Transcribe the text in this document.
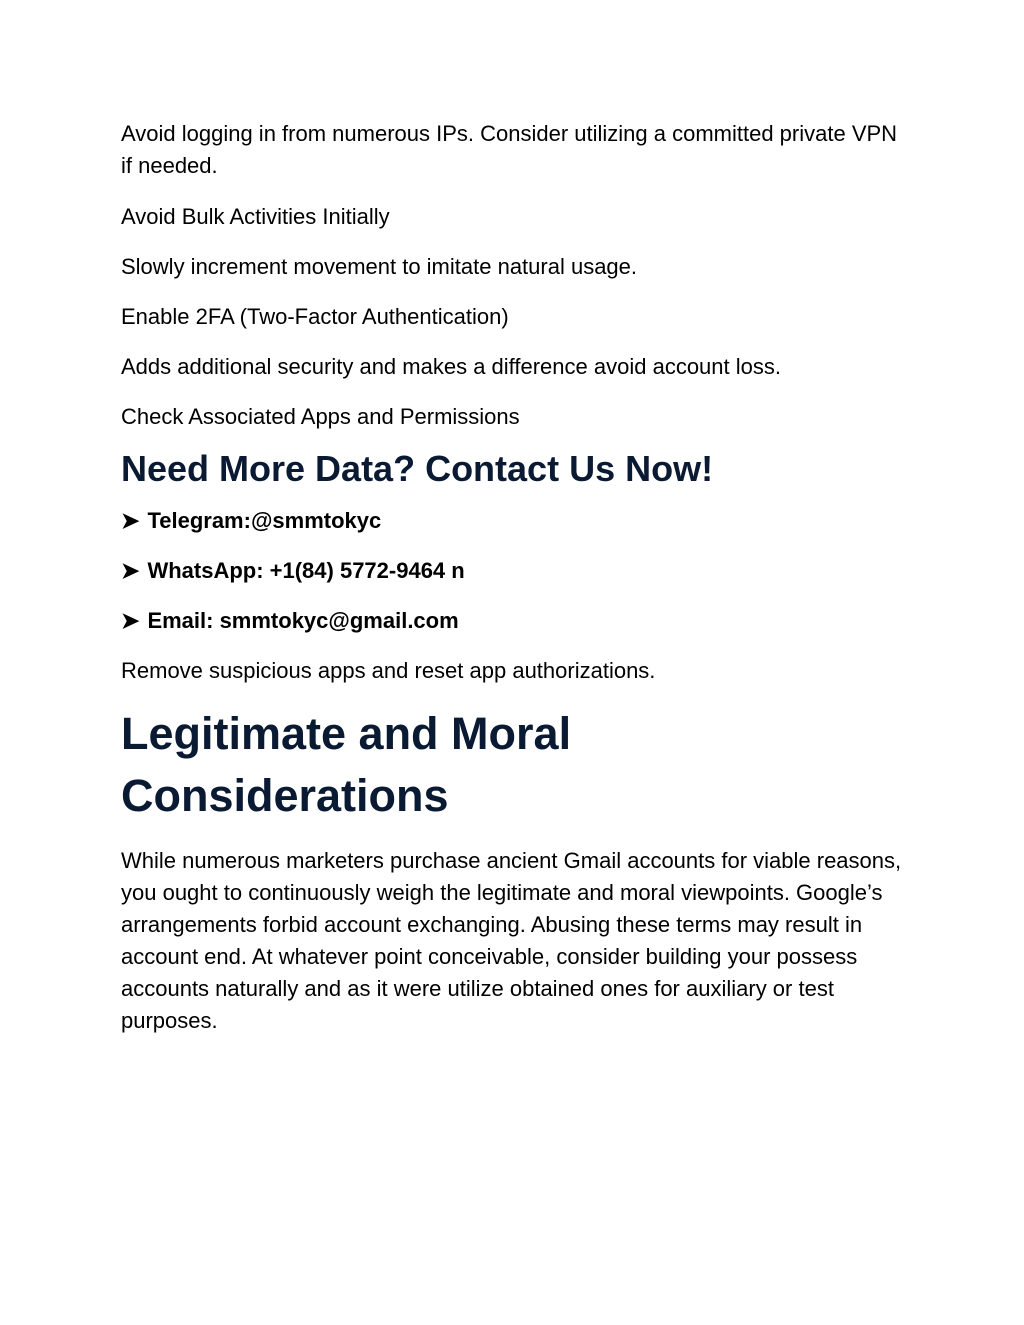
Avoid logging in from numerous IPs. Consider utilizing a committed private VPN if needed.

Avoid Bulk Activities Initially

Slowly increment movement to imitate natural usage.

Enable 2FA (Two-Factor Authentication)

Adds additional security and makes a difference avoid account loss.

Check Associated Apps and Permissions

Need More Data? Contact Us Now!

➤ Telegram:@smmtokyc

➤ WhatsApp: +1(84) 5772-9464 n

➤ Email: smmtokyc@gmail.com

Remove suspicious apps and reset app authorizations.

Legitimate and Moral
Considerations

While numerous marketers purchase ancient Gmail accounts for viable reasons, you ought to continuously weigh the legitimate and moral viewpoints. Google’s arrangements forbid account exchanging. Abusing these terms may result in account end. At whatever point conceivable, consider building your possess accounts naturally and as it were utilize obtained ones for auxiliary or test purposes.
